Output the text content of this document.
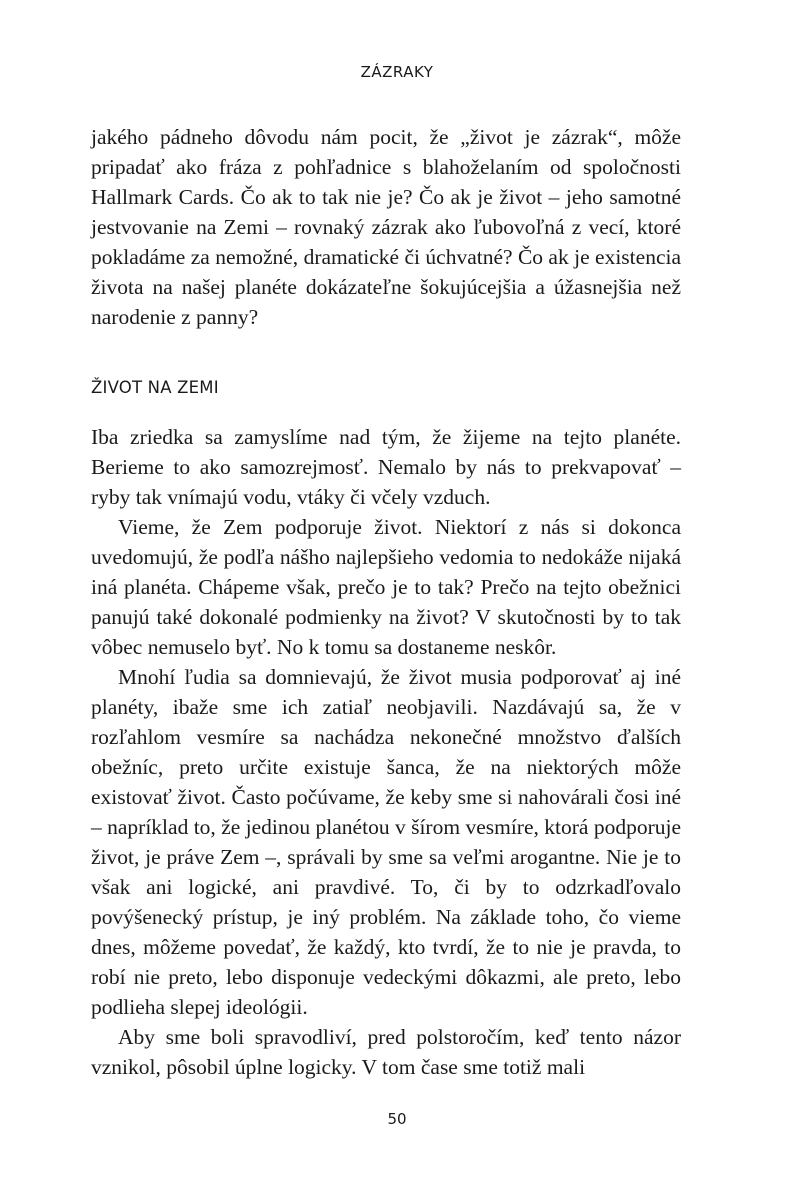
ZÁZRAKY

jakého pádneho dôvodu nám pocit, že „život je zázrak“, môže pripadať ako fráza z pohľadnice s blahoželaním od spoločnosti Hallmark Cards. Čo ak to tak nie je? Čo ak je život – jeho samotné jestvovanie na Zemi – rovnaký zázrak ako ľubovoľná z vecí, ktoré pokladáme za nemožné, dramatické či úchvatné? Čo ak je existencia života na našej planéte dokázateľne šokujúcejšia a úžasnejšia než narodenie z panny?

ŽIVOT NA ZEMI

Iba zriedka sa zamyslíme nad tým, že žijeme na tejto planéte. Berieme to ako samozrejmosť. Nemalo by nás to prekvapovať – ryby tak vnímajú vodu, vtáky či včely vzduch.

Vieme, že Zem podporuje život. Niektorí z nás si dokonca uvedomujú, že podľa nášho najlepšieho vedomia to nedokáže nijaká iná planéta. Chápeme však, prečo je to tak? Prečo na tejto obežnici panujú také dokonalé podmienky na život? V skutočnosti by to tak vôbec nemuselo byť. No k tomu sa dostaneme neskôr.

Mnohí ľudia sa domnievajú, že život musia podporovať aj iné planéty, ibaže sme ich zatiaľ neobjavili. Nazdávajú sa, že v rozľahlom vesmíre sa nachádza nekonečné množstvo ďalších obežníc, preto určite existuje šanca, že na niektorých môže existovať život. Často počúvame, že keby sme si nahovárali čosi iné – napríklad to, že jedinou planétou v šírom vesmíre, ktorá podporuje život, je práve Zem –, správali by sme sa veľmi arogantne. Nie je to však ani logické, ani pravdivé. To, či by to odzrkadľovalo povýšenecký prístup, je iný problém. Na základe toho, čo vieme dnes, môžeme povedať, že každý, kto tvrdí, že to nie je pravda, to robí nie preto, lebo disponuje vedeckými dôkazmi, ale preto, lebo podlieha slepej ideológii.

Aby sme boli spravodliví, pred polstoročím, keď tento názor vznikol, pôsobil úplne logicky. V tom čase sme totiž mali

50
